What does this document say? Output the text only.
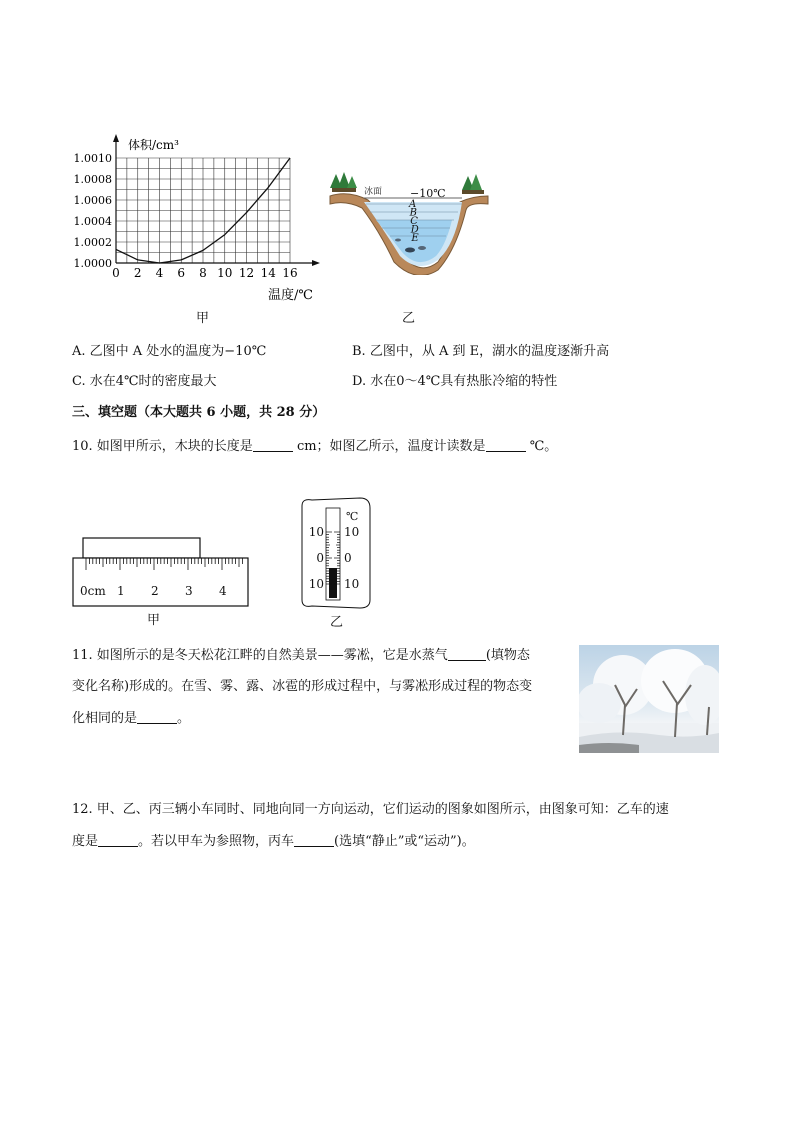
0 2 4 6 8 10 12 14 16
1.0000
1.0002
1.0004
1.0006
1.0008
1.0010
体积/cm³
温度/℃
甲
冰面	−10℃
A
B
C
D
E
乙
A. 乙图中 A 处水的温度为−10℃	B. 乙图中，从 A 到 E，湖水的温度逐渐升高
C. 水在4℃时的密度最大	D. 水在0～4℃具有热胀冷缩的特性
三、填空题（本大题共 6 小题，共 28 分）
10. 如图甲所示，木块的长度是	cm；如图乙所示，温度计读数是	℃。
0cm 1 2 3 4
甲
℃
10
0
10
10
0
10
乙
11. 如图所示的是冬天松花江畔的自然美景——雾凇，它是水蒸气	(填物态
变化名称)形成的。在雪、雾、露、冰雹的形成过程中，与雾凇形成过程的物态变
化相同的是	。
12. 甲、乙、丙三辆小车同时、同地向同一方向运动，它们运动的图象如图所示，由图象可知：乙车的速
度是	。若以甲车为参照物，丙车	(选填“静止”或“运动”)。
